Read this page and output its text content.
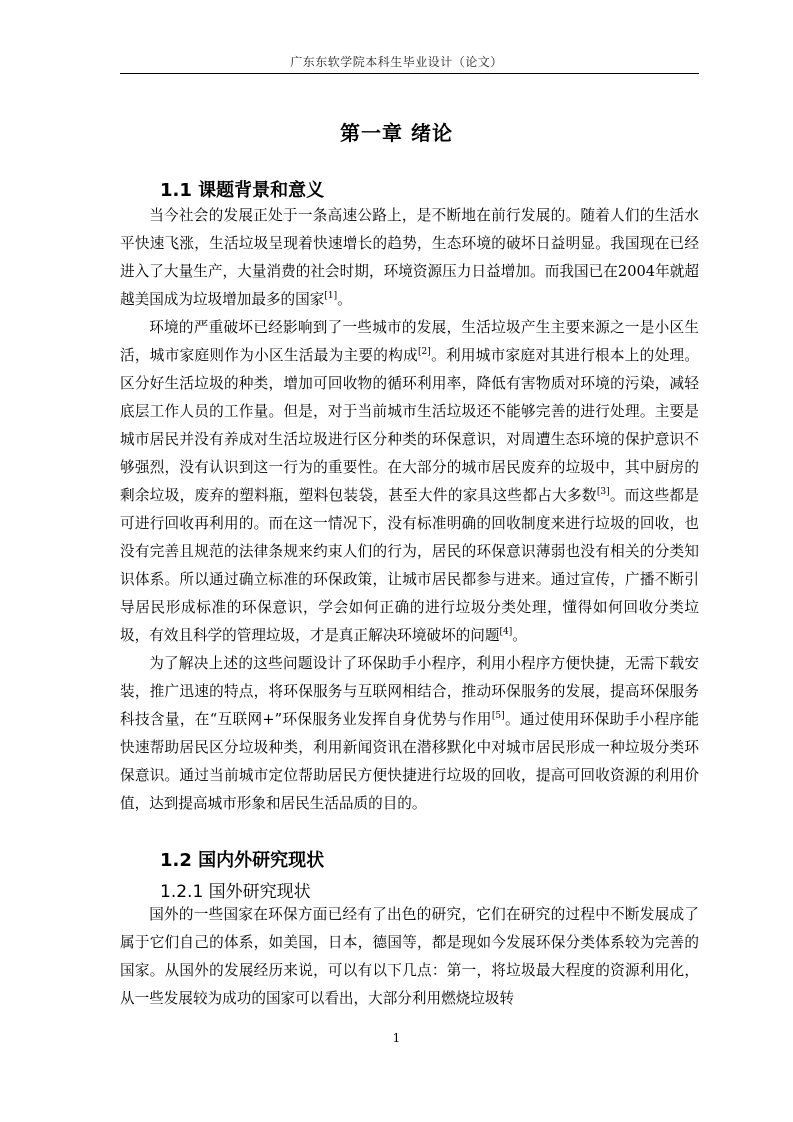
广东东软学院本科生毕业设计（论文）
第一章 绪论
1.1 课题背景和意义

当今社会的发展正处于一条高速公路上，是不断地在前行发展的。随着人们的生活水平快速飞涨，生活垃圾呈现着快速增长的趋势，生态环境的破坏日益明显。我国现在已经进入了大量生产，大量消费的社会时期，环境资源压力日益增加。而我国已在2004年就超越美国成为垃圾增加最多的国家[1]。

环境的严重破坏已经影响到了一些城市的发展，生活垃圾产生主要来源之一是小区生活，城市家庭则作为小区生活最为主要的构成[2]。利用城市家庭对其进行根本上的处理。区分好生活垃圾的种类，增加可回收物的循环利用率，降低有害物质对环境的污染，减轻底层工作人员的工作量。但是，对于当前城市生活垃圾还不能够完善的进行处理。主要是城市居民并没有养成对生活垃圾进行区分种类的环保意识，对周遭生态环境的保护意识不够强烈，没有认识到这一行为的重要性。在大部分的城市居民废弃的垃圾中，其中厨房的剩余垃圾，废弃的塑料瓶，塑料包装袋，甚至大件的家具这些都占大多数[3]。而这些都是可进行回收再利用的。而在这一情况下，没有标准明确的回收制度来进行垃圾的回收，也没有完善且规范的法律条规来约束人们的行为，居民的环保意识薄弱也没有相关的分类知识体系。所以通过确立标准的环保政策，让城市居民都参与进来。通过宣传，广播不断引导居民形成标准的环保意识，学会如何正确的进行垃圾分类处理，懂得如何回收分类垃圾，有效且科学的管理垃圾，才是真正解决环境破坏的问题[4]。

为了解决上述的这些问题设计了环保助手小程序，利用小程序方便快捷，无需下载安装，推广迅速的特点，将环保服务与互联网相结合，推动环保服务的发展，提高环保服务科技含量，在“互联网+”环保服务业发挥自身优势与作用[5]。通过使用环保助手小程序能快速帮助居民区分垃圾种类，利用新闻资讯在潜移默化中对城市居民形成一种垃圾分类环保意识。通过当前城市定位帮助居民方便快捷进行垃圾的回收，提高可回收资源的利用价值，达到提高城市形象和居民生活品质的目的。

1.2 国内外研究现状
1.2.1 国外研究现状

国外的一些国家在环保方面已经有了出色的研究，它们在研究的过程中不断发展成了属于它们自己的体系，如美国，日本，德国等，都是现如今发展环保分类体系较为完善的国家。从国外的发展经历来说，可以有以下几点：第一，将垃圾最大程度的资源利用化，从一些发展较为成功的国家可以看出，大部分利用燃烧垃圾转

1
